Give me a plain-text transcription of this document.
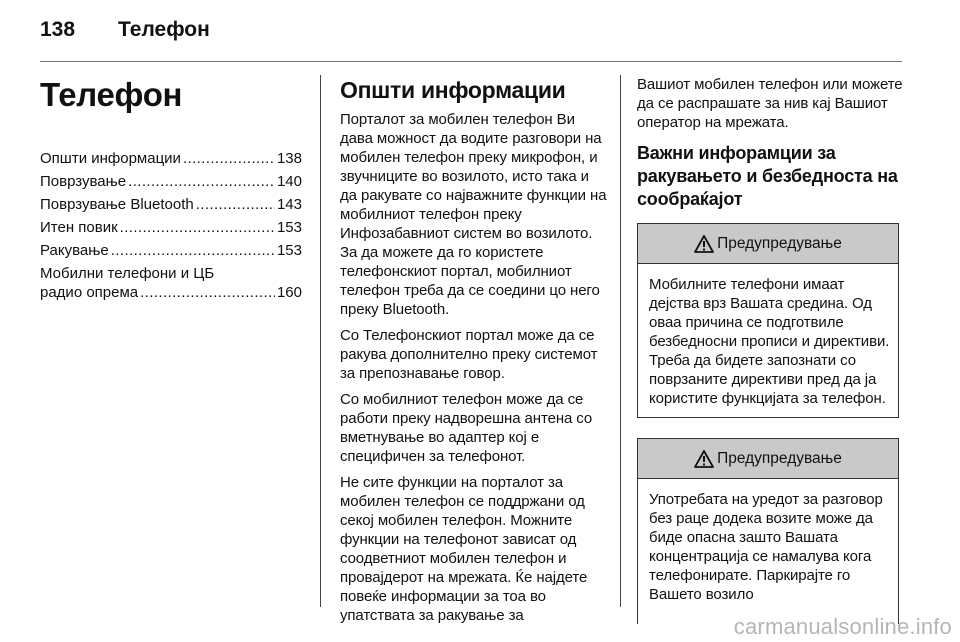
138	Телефон
Телефон
Општи информации .....	138
Поврзување .....	140
Поврзување Bluetooth .....	143
Итен повик .....	153
Ракување .....	153
Мобилни телефони и ЦБ
радио опрема .....	160
Општи информации

Порталот за мобилен телефон Ви дава можност да водите разговори на мобилен телефон преку микрофон, и звучниците во возилото, исто така и да ракувате со најважните функции на мобилниот телефон преку Инфозабавниот систем во возилото. За да можете да го користете телефонскиот портал, мобилниот телефон треба да се соедини цо него преку Bluetooth.

Со Телефонскиот портал може да се ракува дополнително преку системот за препознавање говор.

Со мобилниот телефон може да се работи преку надворешна антена со вметнување во адаптер кој е специфичен за телефонот.

Не сите функции на порталот за мобилен телефон се поддржани од секој мобилен телефон. Можните функции на телефонот зависат од соодветниот мобилен телефон и провајдерот на мрежата. Ќе најдете повеќе информации за тоа во упатствата за ракување за

Вашиот мобилен телефон или можете да се распрашате за нив кај Вашиот оператор на мрежата.

Важни инфорамции за ракувањето и безбедноста на сообраќајот
Предупредување
Мобилните телефони имаат дејства врз Вашата средина. Од оваа причина се подготвиле безбедносни прописи и директиви. Треба да бидете запознати со поврзаните директиви пред да ја користите функцијата за телефон.
Предупредување
Употребата на уредот за разговор без раце додека возите може да биде опасна зашто Вашата концентрација се намалува кога телефонирате. Паркирајте го Вашето возило
carmanualsonline.info
